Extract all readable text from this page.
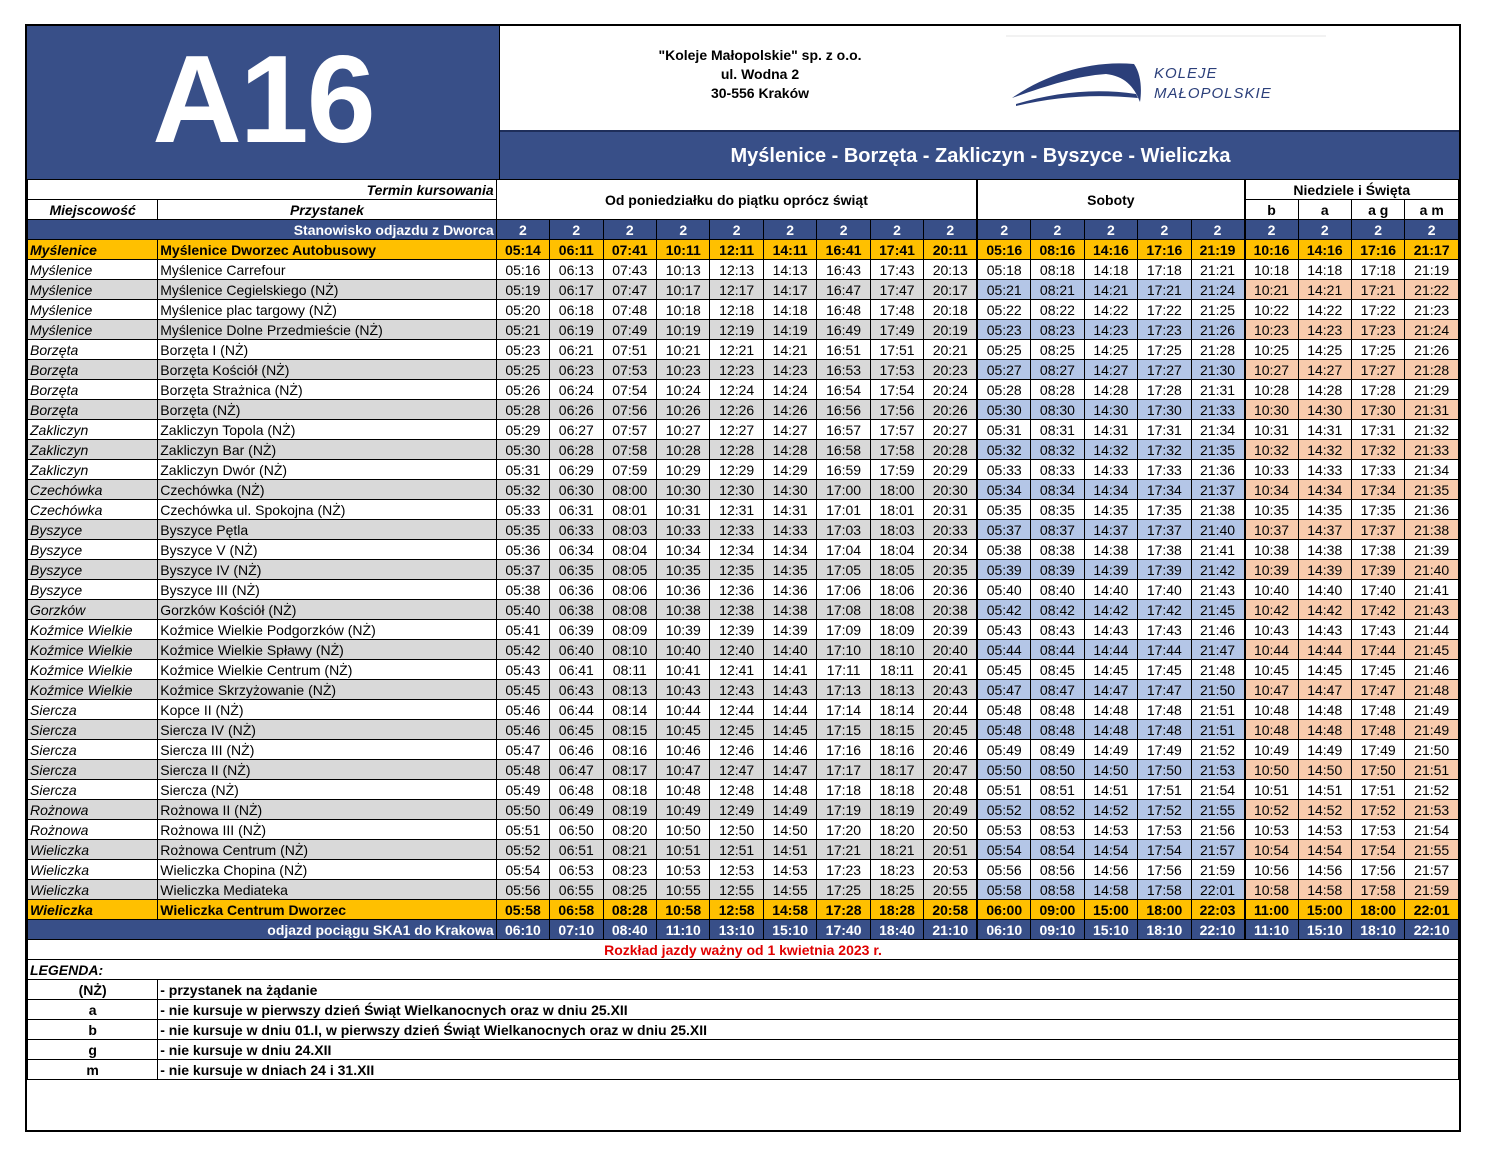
A16	"Koleje Małopolskie" sp. z o.o.
ul. Wodna 2
30-556 Kraków
KOLEJE
MAŁOPOLSKIE
Myślenice - Borzęta - Zakliczyn - Byszyce - Wieliczka
Termin kursowania		Od poniedziałku do piątku oprócz świąt									Soboty					Niedziele i Święta			
Miejscowość	Przystanek															b	a	a g	a m
Stanowisko odjazdu z Dworca		2	2	2	2	2	2	2	2	2	2	2	2	2	2	2	2	2	2
Myślenice	Myślenice Dworzec Autobusowy	05:14	06:11	07:41	10:11	12:11	14:11	16:41	17:41	20:11	05:16	08:16	14:16	17:16	21:19	10:16	14:16	17:16	21:17
Myślenice	Myślenice Carrefour	05:16	06:13	07:43	10:13	12:13	14:13	16:43	17:43	20:13	05:18	08:18	14:18	17:18	21:21	10:18	14:18	17:18	21:19
Myślenice	Myślenice Cegielskiego (NŻ)	05:19	06:17	07:47	10:17	12:17	14:17	16:47	17:47	20:17	05:21	08:21	14:21	17:21	21:24	10:21	14:21	17:21	21:22
Myślenice	Myślenice plac targowy (NŻ)	05:20	06:18	07:48	10:18	12:18	14:18	16:48	17:48	20:18	05:22	08:22	14:22	17:22	21:25	10:22	14:22	17:22	21:23
Myślenice	Myślenice Dolne Przedmieście (NŻ)	05:21	06:19	07:49	10:19	12:19	14:19	16:49	17:49	20:19	05:23	08:23	14:23	17:23	21:26	10:23	14:23	17:23	21:24
Borzęta	Borzęta I (NŻ)	05:23	06:21	07:51	10:21	12:21	14:21	16:51	17:51	20:21	05:25	08:25	14:25	17:25	21:28	10:25	14:25	17:25	21:26
Borzęta	Borzęta Kościół (NŻ)	05:25	06:23	07:53	10:23	12:23	14:23	16:53	17:53	20:23	05:27	08:27	14:27	17:27	21:30	10:27	14:27	17:27	21:28
Borzęta	Borzęta Strażnica (NŻ)	05:26	06:24	07:54	10:24	12:24	14:24	16:54	17:54	20:24	05:28	08:28	14:28	17:28	21:31	10:28	14:28	17:28	21:29
Borzęta	Borzęta (NŻ)	05:28	06:26	07:56	10:26	12:26	14:26	16:56	17:56	20:26	05:30	08:30	14:30	17:30	21:33	10:30	14:30	17:30	21:31
Zakliczyn	Zakliczyn Topola (NŻ)	05:29	06:27	07:57	10:27	12:27	14:27	16:57	17:57	20:27	05:31	08:31	14:31	17:31	21:34	10:31	14:31	17:31	21:32
Zakliczyn	Zakliczyn Bar (NŻ)	05:30	06:28	07:58	10:28	12:28	14:28	16:58	17:58	20:28	05:32	08:32	14:32	17:32	21:35	10:32	14:32	17:32	21:33
Zakliczyn	Zakliczyn Dwór (NŻ)	05:31	06:29	07:59	10:29	12:29	14:29	16:59	17:59	20:29	05:33	08:33	14:33	17:33	21:36	10:33	14:33	17:33	21:34
Czechówka	Czechówka (NŻ)	05:32	06:30	08:00	10:30	12:30	14:30	17:00	18:00	20:30	05:34	08:34	14:34	17:34	21:37	10:34	14:34	17:34	21:35
Czechówka	Czechówka ul. Spokojna (NŻ)	05:33	06:31	08:01	10:31	12:31	14:31	17:01	18:01	20:31	05:35	08:35	14:35	17:35	21:38	10:35	14:35	17:35	21:36
Byszyce	Byszyce Pętla	05:35	06:33	08:03	10:33	12:33	14:33	17:03	18:03	20:33	05:37	08:37	14:37	17:37	21:40	10:37	14:37	17:37	21:38
Byszyce	Byszyce V (NŻ)	05:36	06:34	08:04	10:34	12:34	14:34	17:04	18:04	20:34	05:38	08:38	14:38	17:38	21:41	10:38	14:38	17:38	21:39
Byszyce	Byszyce IV (NŻ)	05:37	06:35	08:05	10:35	12:35	14:35	17:05	18:05	20:35	05:39	08:39	14:39	17:39	21:42	10:39	14:39	17:39	21:40
Byszyce	Byszyce III (NŻ)	05:38	06:36	08:06	10:36	12:36	14:36	17:06	18:06	20:36	05:40	08:40	14:40	17:40	21:43	10:40	14:40	17:40	21:41
Gorzków	Gorzków Kościół (NŻ)	05:40	06:38	08:08	10:38	12:38	14:38	17:08	18:08	20:38	05:42	08:42	14:42	17:42	21:45	10:42	14:42	17:42	21:43
Koźmice Wielkie	Koźmice Wielkie Podgorzków (NŻ)	05:41	06:39	08:09	10:39	12:39	14:39	17:09	18:09	20:39	05:43	08:43	14:43	17:43	21:46	10:43	14:43	17:43	21:44
Koźmice Wielkie	Koźmice Wielkie Spławy (NŻ)	05:42	06:40	08:10	10:40	12:40	14:40	17:10	18:10	20:40	05:44	08:44	14:44	17:44	21:47	10:44	14:44	17:44	21:45
Koźmice Wielkie	Koźmice Wielkie Centrum (NŻ)	05:43	06:41	08:11	10:41	12:41	14:41	17:11	18:11	20:41	05:45	08:45	14:45	17:45	21:48	10:45	14:45	17:45	21:46
Koźmice Wielkie	Koźmice Skrzyżowanie (NŻ)	05:45	06:43	08:13	10:43	12:43	14:43	17:13	18:13	20:43	05:47	08:47	14:47	17:47	21:50	10:47	14:47	17:47	21:48
Siercza	Kopce II (NŻ)	05:46	06:44	08:14	10:44	12:44	14:44	17:14	18:14	20:44	05:48	08:48	14:48	17:48	21:51	10:48	14:48	17:48	21:49
Siercza	Siercza IV (NŻ)	05:46	06:45	08:15	10:45	12:45	14:45	17:15	18:15	20:45	05:48	08:48	14:48	17:48	21:51	10:48	14:48	17:48	21:49
Siercza	Siercza III (NŻ)	05:47	06:46	08:16	10:46	12:46	14:46	17:16	18:16	20:46	05:49	08:49	14:49	17:49	21:52	10:49	14:49	17:49	21:50
Siercza	Siercza II (NŻ)	05:48	06:47	08:17	10:47	12:47	14:47	17:17	18:17	20:47	05:50	08:50	14:50	17:50	21:53	10:50	14:50	17:50	21:51
Siercza	Siercza (NŻ)	05:49	06:48	08:18	10:48	12:48	14:48	17:18	18:18	20:48	05:51	08:51	14:51	17:51	21:54	10:51	14:51	17:51	21:52
Rożnowa	Rożnowa II (NŻ)	05:50	06:49	08:19	10:49	12:49	14:49	17:19	18:19	20:49	05:52	08:52	14:52	17:52	21:55	10:52	14:52	17:52	21:53
Rożnowa	Rożnowa III (NŻ)	05:51	06:50	08:20	10:50	12:50	14:50	17:20	18:20	20:50	05:53	08:53	14:53	17:53	21:56	10:53	14:53	17:53	21:54
Wieliczka	Rożnowa Centrum (NŻ)	05:52	06:51	08:21	10:51	12:51	14:51	17:21	18:21	20:51	05:54	08:54	14:54	17:54	21:57	10:54	14:54	17:54	21:55
Wieliczka	Wieliczka Chopina (NŻ)	05:54	06:53	08:23	10:53	12:53	14:53	17:23	18:23	20:53	05:56	08:56	14:56	17:56	21:59	10:56	14:56	17:56	21:57
Wieliczka	Wieliczka Mediateka	05:56	06:55	08:25	10:55	12:55	14:55	17:25	18:25	20:55	05:58	08:58	14:58	17:58	22:01	10:58	14:58	17:58	21:59
Wieliczka	Wieliczka Centrum Dworzec	05:58	06:58	08:28	10:58	12:58	14:58	17:28	18:28	20:58	06:00	09:00	15:00	18:00	22:03	11:00	15:00	18:00	22:01
odjazd pociągu SKA1 do Krakowa		06:10	07:10	08:40	11:10	13:10	15:10	17:40	18:40	21:10	06:10	09:10	15:10	18:10	22:10	11:10	15:10	18:10	22:10
Rozkład jazdy ważny od 1 kwietnia 2023 r.																			
LEGENDA:																			
(NŻ)	- przystanek na żądanie																		
a	- nie kursuje w pierwszy dzień Świąt Wielkanocnych oraz w dniu 25.XII																		
b	- nie kursuje w dniu 01.I, w pierwszy dzień Świąt Wielkanocnych oraz w dniu 25.XII																		
g	- nie kursuje w dniu 24.XII																		
m	- nie kursuje w dniach 24 i 31.XII																		
